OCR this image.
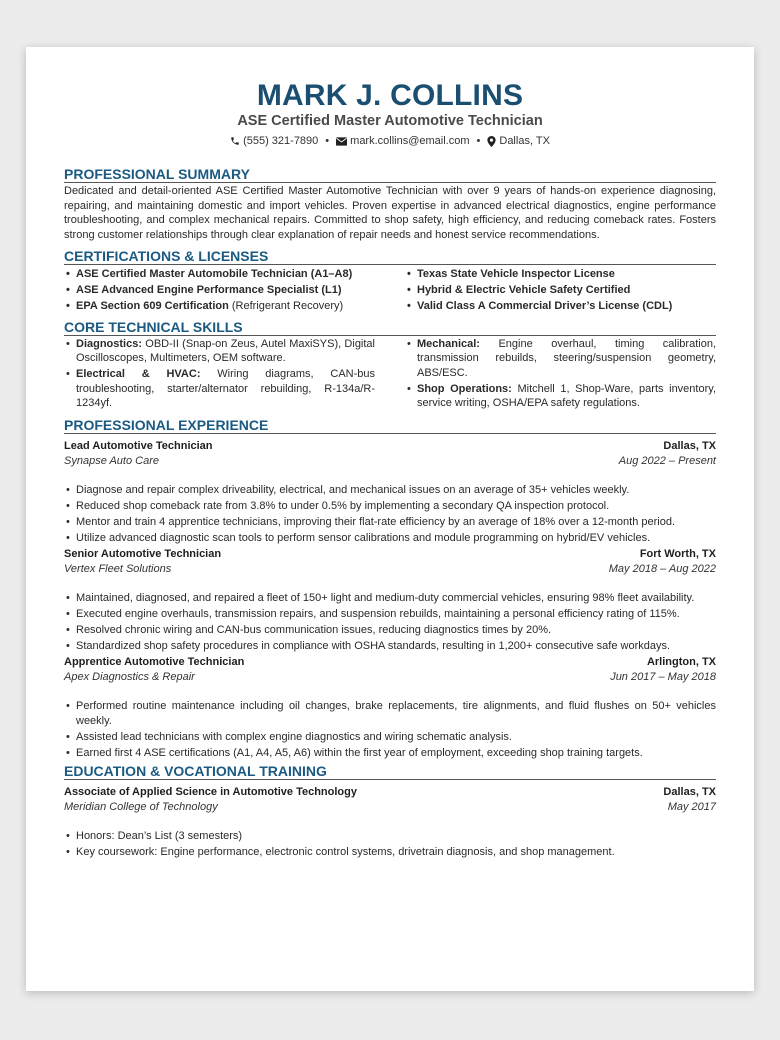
MARK J. COLLINS
ASE Certified Master Automotive Technician
(555) 321-7890 • mark.collins@email.com • Dallas, TX
PROFESSIONAL SUMMARY
Dedicated and detail-oriented ASE Certified Master Automotive Technician with over 9 years of hands-on experience diagnosing, repairing, and maintaining domestic and import vehicles. Proven expertise in advanced electrical diagnostics, engine performance troubleshooting, and complex mechanical repairs. Committed to shop safety, high efficiency, and reducing comeback rates. Fosters strong customer relationships through clear explanation of repair needs and honest service recommendations.
CERTIFICATIONS & LICENSES
• ASE Certified Master Automobile Technician (A1–A8)
• ASE Advanced Engine Performance Specialist (L1)
• EPA Section 609 Certification (Refrigerant Recovery)
• Texas State Vehicle Inspector License
• Hybrid & Electric Vehicle Safety Certified
• Valid Class A Commercial Driver’s License (CDL)
CORE TECHNICAL SKILLS
• Diagnostics: OBD-II (Snap-on Zeus, Autel MaxiSYS), Digital Oscilloscopes, Multimeters, OEM software.
• Electrical & HVAC: Wiring diagrams, CAN-bus troubleshooting, starter/alternator rebuilding, R-134a/R-1234yf.
• Mechanical: Engine overhaul, timing calibration, transmission rebuilds, steering/suspension geometry, ABS/ESC.
• Shop Operations: Mitchell 1, Shop-Ware, parts inventory, service writing, OSHA/EPA safety regulations.
PROFESSIONAL EXPERIENCE
Lead Automotive Technician	Dallas, TX
Synapse Auto Care	Aug 2022 – Present
• Diagnose and repair complex driveability, electrical, and mechanical issues on an average of 35+ vehicles weekly.
• Reduced shop comeback rate from 3.8% to under 0.5% by implementing a secondary QA inspection protocol.
• Mentor and train 4 apprentice technicians, improving their flat-rate efficiency by an average of 18% over a 12-month period.
• Utilize advanced diagnostic scan tools to perform sensor calibrations and module programming on hybrid/EV vehicles.
Senior Automotive Technician	Fort Worth, TX
Vertex Fleet Solutions	May 2018 – Aug 2022
• Maintained, diagnosed, and repaired a fleet of 150+ light and medium-duty commercial vehicles, ensuring 98% fleet availability.
• Executed engine overhauls, transmission repairs, and suspension rebuilds, maintaining a personal efficiency rating of 115%.
• Resolved chronic wiring and CAN-bus communication issues, reducing diagnostics times by 20%.
• Standardized shop safety procedures in compliance with OSHA standards, resulting in 1,200+ consecutive safe workdays.
Apprentice Automotive Technician	Arlington, TX
Apex Diagnostics & Repair	Jun 2017 – May 2018
• Performed routine maintenance including oil changes, brake replacements, tire alignments, and fluid flushes on 50+ vehicles weekly.
• Assisted lead technicians with complex engine diagnostics and wiring schematic analysis.
• Earned first 4 ASE certifications (A1, A4, A5, A6) within the first year of employment, exceeding shop training targets.
EDUCATION & VOCATIONAL TRAINING
Associate of Applied Science in Automotive Technology	Dallas, TX
Meridian College of Technology	May 2017
• Honors: Dean’s List (3 semesters)
• Key coursework: Engine performance, electronic control systems, drivetrain diagnosis, and shop management.
